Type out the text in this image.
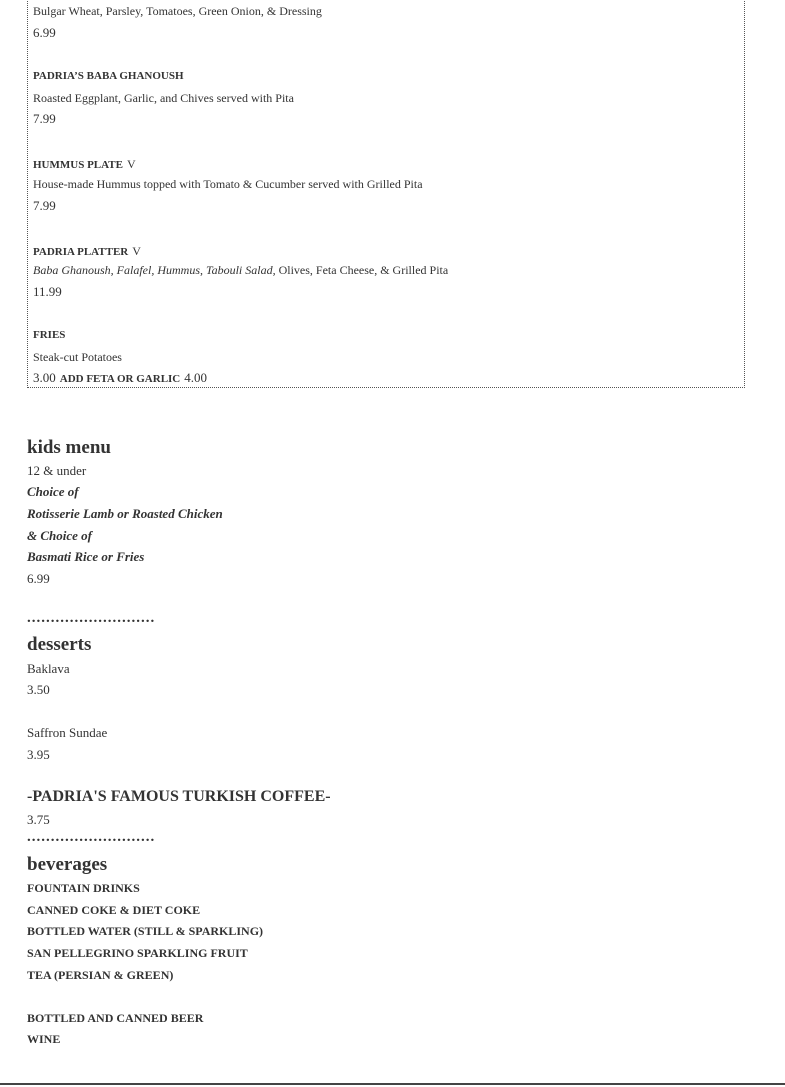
Bulgar Wheat, Parsley, Tomatoes, Green Onion, & Dressing
6.99
PADRIA’S BABA GHANOUSH
Roasted Eggplant, Garlic, and Chives served with Pita
7.99
HUMMUS PLATE V
House-made Hummus topped with Tomato & Cucumber served with Grilled Pita
7.99
PADRIA PLATTER V
Baba Ghanoush, Falafel, Hummus, Tabouli Salad, Olives, Feta Cheese, & Grilled Pita
11.99
FRIES
Steak-cut Potatoes
3.00 ADD FETA OR GARLIC 4.00
kids menu
12 & under
Choice of
Rotisserie Lamb or Roasted Chicken
& Choice of
Basmati Rice or Fries
6.99
...........................
desserts
Baklava
3.50
Saffron Sundae
3.95
-PADRIA'S FAMOUS TURKISH COFFEE-
3.75
...........................
beverages
FOUNTAIN DRINKS
CANNED COKE & DIET COKE
BOTTLED WATER (STILL & SPARKLING)
SAN PELLEGRINO SPARKLING FRUIT
TEA (PERSIAN & GREEN)
BOTTLED AND CANNED BEER
WINE
